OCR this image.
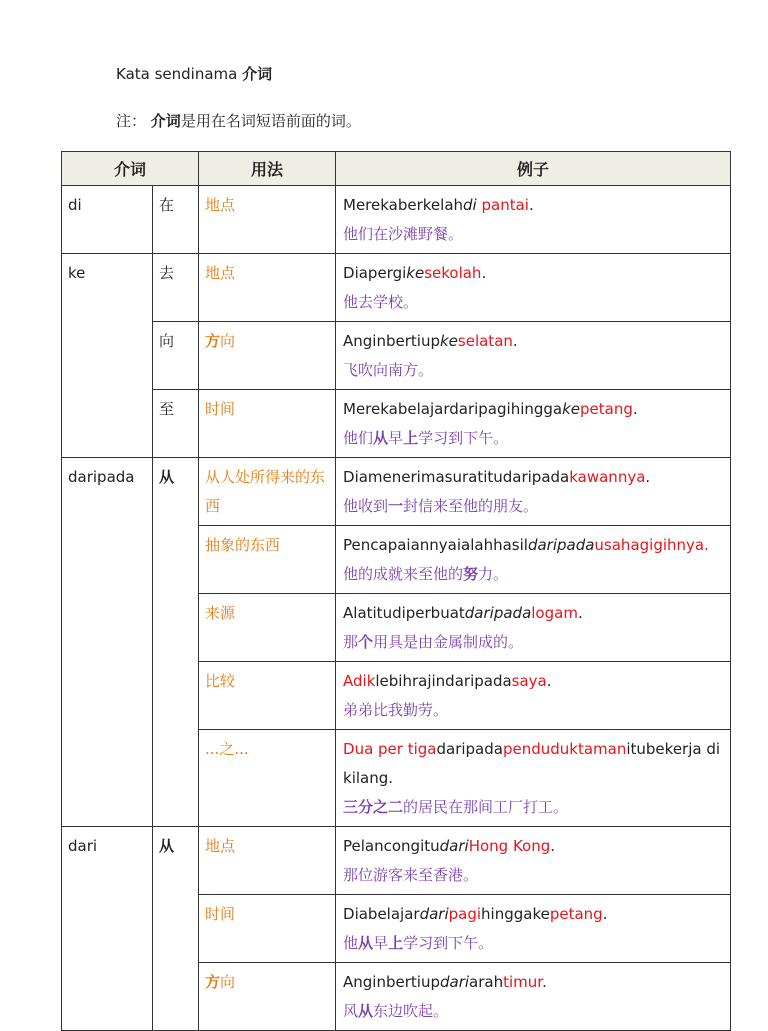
Kata sendinama 介词
注： 介词是用在名词短语前面的词。
介词		用法	例子
di	在	地点	Merekaberkelahdi pantai.
他们在沙滩野餐。

ke	去	地点	Diapergikesekolah.
他去学校。

	向	方向	Anginbertiupkeselatan.
飞吹向南方。

	至	时间	Merekabelajardaripagihinggakepetang.
他们从早上学习到下午。

daripada	从	从人处所得来的东西	Diamenerimasuratitudaripadakawannya.
他收到一封信来至他的朋友。

		抽象的东西	Pencapaiannyaialahhasildaripadausahagigihnya.
他的成就来至他的努力。

		来源	Alatitudiperbuatdaripadalogam.
那个用具是由金属制成的。

		比较	Adiklebihrajindaripadasaya.
弟弟比我勤劳。

		...之...	Dua per tigadaripadapenduduktamanitubekerja di kilang.
三分之二的居民在那间工厂打工。

dari	从	地点	PelancongitudariHong Kong.
那位游客来至香港。

		时间	Diabelajardaripagihinggakepetang.
他从早上学习到下午。

		方向	Anginbertiupdariarahtimur.
风从东边吹起。
